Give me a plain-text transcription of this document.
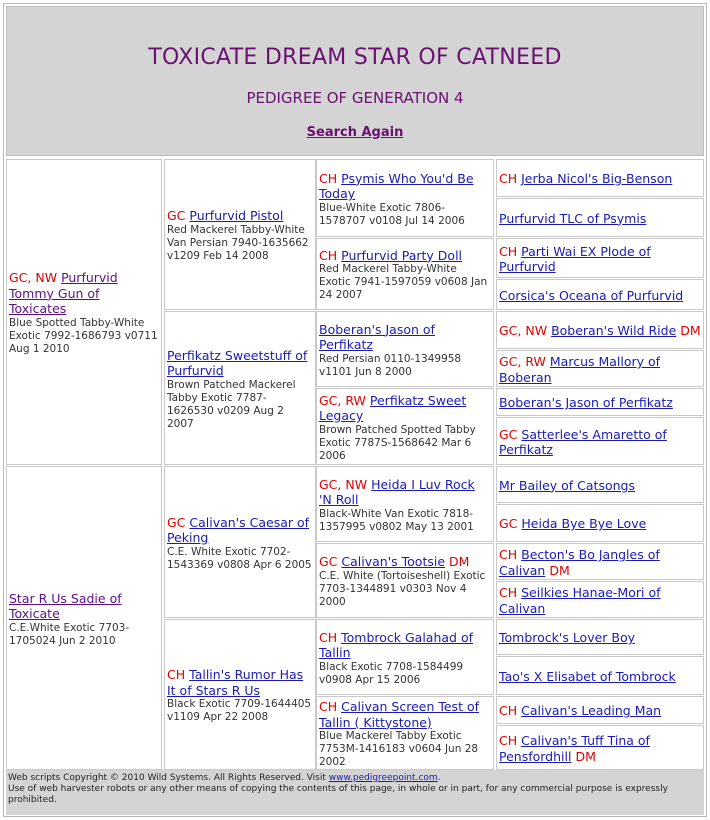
TOXICATE DREAM STAR OF CATNEED
PEDIGREE OF GENERATION 4
Search Again
GC, NW Purfurvid Tommy Gun of Toxicates
Blue Spotted Tabby-White Exotic 7992-1686793 v0711 Aug 1 2010
Star R Us Sadie of Toxicate
C.E.White Exotic 7703-1705024 Jun 2 2010
GC Purfurvid Pistol
Red Mackerel Tabby-White Van Persian 7940-1635662 v1209 Feb 14 2008
Perfikatz Sweetstuff of Purfurvid
Brown Patched Mackerel Tabby Exotic 7787-1626530 v0209 Aug 2 2007
GC Calivan's Caesar of Peking
C.E. White Exotic 7702-1543369 v0808 Apr 6 2005
CH Tallin's Rumor Has It of Stars R Us
Black Exotic 7709-1644405 v1109 Apr 22 2008
CH Psymis Who You'd Be Today
Blue-White Exotic 7806-1578707 v0108 Jul 14 2006
CH Purfurvid Party Doll
Red Mackerel Tabby-White Exotic 7941-1597059 v0608 Jan 24 2007
Boberan's Jason of Perfikatz
Red Persian 0110-1349958 v1101 Jun 8 2000
GC, RW Perfikatz Sweet Legacy
Brown Patched Spotted Tabby Exotic 7787S-1568642 Mar 6 2006
GC, NW Heida I Luv Rock 'N Roll
Black-White Van Exotic 7818-1357995 v0802 May 13 2001
GC Calivan's Tootsie DM
C.E. White (Tortoiseshell) Exotic 7703-1344891 v0303 Nov 4 2000
CH Tombrock Galahad of Tallin
Black Exotic 7708-1584499 v0908 Apr 15 2006
CH Calivan Screen Test of Tallin ( Kittystone)
Blue Mackerel Tabby Exotic 7753M-1416183 v0604 Jun 28 2002
CH Jerba Nicol's Big-Benson
Purfurvid TLC of Psymis
CH Parti Wai EX Plode of Purfurvid
Corsica's Oceana of Purfurvid
GC, NW Boberan's Wild Ride DM
GC, RW Marcus Mallory of Boberan
Boberan's Jason of Perfikatz
GC Satterlee's Amaretto of Perfikatz
Mr Bailey of Catsongs
GC Heida Bye Bye Love
CH Becton's Bo Jangles of Calivan DM
CH Seilkies Hanae-Mori of Calivan
Tombrock's Lover Boy
Tao's X Elisabet of Tombrock
CH Calivan's Leading Man
CH Calivan's Tuff Tina of Pensfordhill DM
Web scripts Copyright © 2010 Wild Systems. All Rights Reserved. Visit www.pedigreepoint.com.
Use of web harvester robots or any other means of copying the contents of this page, in whole or in part, for any commercial purpose is expressly prohibited.
